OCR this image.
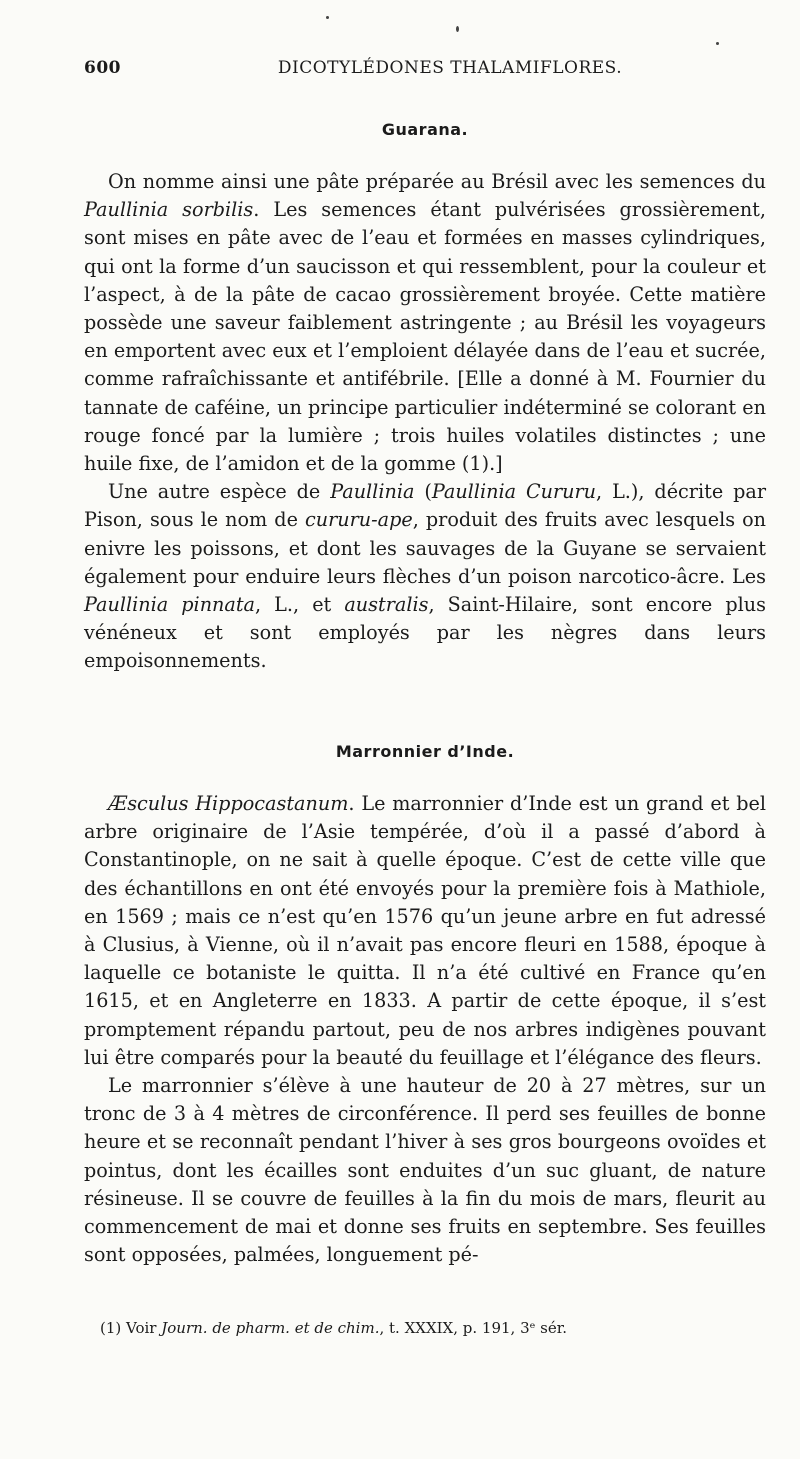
600	DICOTYLÉDONES THALAMIFLORES.
Guarana.

On nomme ainsi une pâte préparée au Brésil avec les semences du Paullinia sorbilis. Les semences étant pulvérisées grossièrement, sont mises en pâte avec de l’eau et formées en masses cylindriques, qui ont la forme d’un saucisson et qui ressemblent, pour la couleur et l’aspect, à de la pâte de cacao grossièrement broyée. Cette matière possède une saveur faiblement astringente ; au Brésil les voyageurs en emportent avec eux et l’emploient délayée dans de l’eau et sucrée, comme rafraîchissante et antifébrile. [Elle a donné à M. Fournier du tannate de caféine, un principe particulier indéterminé se colorant en rouge foncé par la lumière ; trois huiles volatiles distinctes ; une huile fixe, de l’amidon et de la gomme (1).]

Une autre espèce de Paullinia (Paullinia Cururu, L.), décrite par Pison, sous le nom de cururu-ape, produit des fruits avec lesquels on enivre les poissons, et dont les sauvages de la Guyane se servaient également pour enduire leurs flèches d’un poison narcotico-âcre. Les Paullinia pinnata, L., et australis, Saint-Hilaire, sont encore plus vénéneux et sont employés par les nègres dans leurs empoisonnements.

Marronnier d’Inde.

Æsculus Hippocastanum. Le marronnier d’Inde est un grand et bel arbre originaire de l’Asie tempérée, d’où il a passé d’abord à Constantinople, on ne sait à quelle époque. C’est de cette ville que des échantillons en ont été envoyés pour la première fois à Mathiole, en 1569 ; mais ce n’est qu’en 1576 qu’un jeune arbre en fut adressé à Clusius, à Vienne, où il n’avait pas encore fleuri en 1588, époque à laquelle ce botaniste le quitta. Il n’a été cultivé en France qu’en 1615, et en Angleterre en 1833. A partir de cette époque, il s’est promptement répandu partout, peu de nos arbres indigènes pouvant lui être comparés pour la beauté du feuillage et l’élégance des fleurs.

Le marronnier s’élève à une hauteur de 20 à 27 mètres, sur un tronc de 3 à 4 mètres de circonférence. Il perd ses feuilles de bonne heure et se reconnaît pendant l’hiver à ses gros bourgeons ovoïdes et pointus, dont les écailles sont enduites d’un suc gluant, de nature résineuse. Il se couvre de feuilles à la fin du mois de mars, fleurit au commencement de mai et donne ses fruits en septembre. Ses feuilles sont opposées, palmées, longuement pé-

(1) Voir Journ. de pharm. et de chim., t. XXXIX, p. 191, 3ᵉ sér.
